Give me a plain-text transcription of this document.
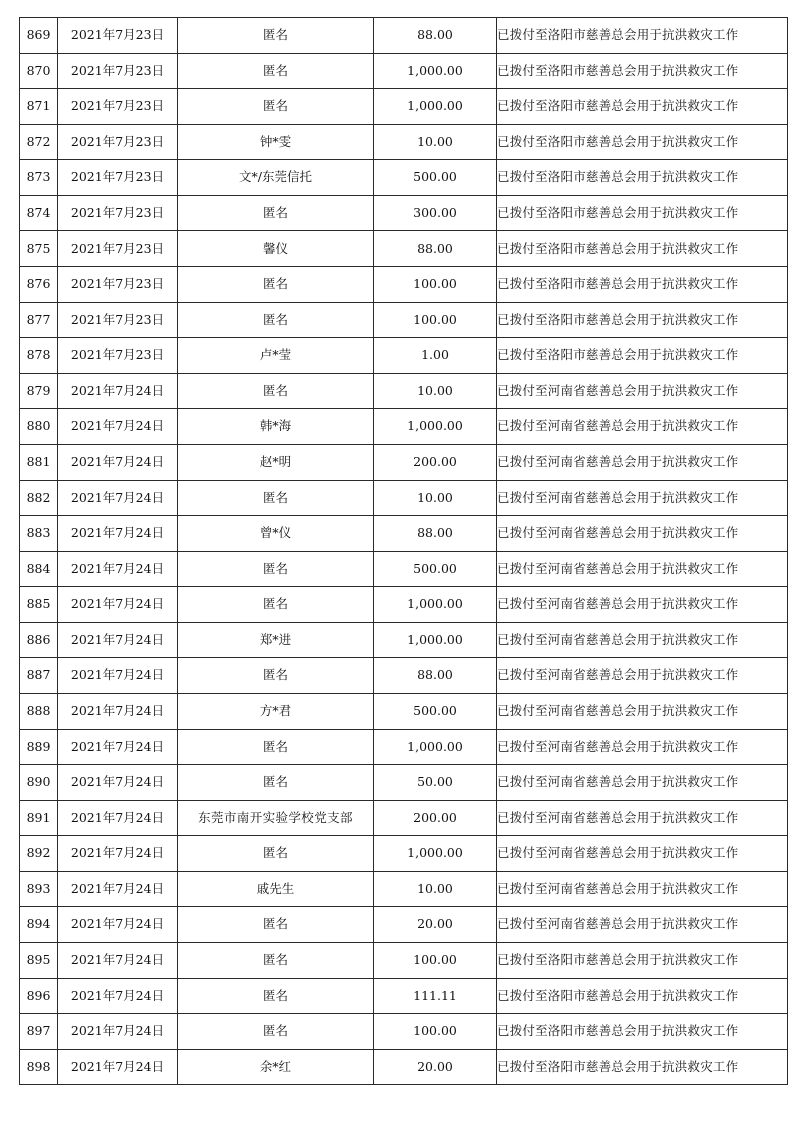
869	2021年7月23日	匿名	88.00	已拨付至洛阳市慈善总会用于抗洪救灾工作
870	2021年7月23日	匿名	1,000.00	已拨付至洛阳市慈善总会用于抗洪救灾工作
871	2021年7月23日	匿名	1,000.00	已拨付至洛阳市慈善总会用于抗洪救灾工作
872	2021年7月23日	钟*雯	10.00	已拨付至洛阳市慈善总会用于抗洪救灾工作
873	2021年7月23日	文*/东莞信托	500.00	已拨付至洛阳市慈善总会用于抗洪救灾工作
874	2021年7月23日	匿名	300.00	已拨付至洛阳市慈善总会用于抗洪救灾工作
875	2021年7月23日	馨仪	88.00	已拨付至洛阳市慈善总会用于抗洪救灾工作
876	2021年7月23日	匿名	100.00	已拨付至洛阳市慈善总会用于抗洪救灾工作
877	2021年7月23日	匿名	100.00	已拨付至洛阳市慈善总会用于抗洪救灾工作
878	2021年7月23日	卢*莹	1.00	已拨付至洛阳市慈善总会用于抗洪救灾工作
879	2021年7月24日	匿名	10.00	已拨付至河南省慈善总会用于抗洪救灾工作
880	2021年7月24日	韩*海	1,000.00	已拨付至河南省慈善总会用于抗洪救灾工作
881	2021年7月24日	赵*明	200.00	已拨付至河南省慈善总会用于抗洪救灾工作
882	2021年7月24日	匿名	10.00	已拨付至河南省慈善总会用于抗洪救灾工作
883	2021年7月24日	曾*仪	88.00	已拨付至河南省慈善总会用于抗洪救灾工作
884	2021年7月24日	匿名	500.00	已拨付至河南省慈善总会用于抗洪救灾工作
885	2021年7月24日	匿名	1,000.00	已拨付至河南省慈善总会用于抗洪救灾工作
886	2021年7月24日	郑*进	1,000.00	已拨付至河南省慈善总会用于抗洪救灾工作
887	2021年7月24日	匿名	88.00	已拨付至河南省慈善总会用于抗洪救灾工作
888	2021年7月24日	方*君	500.00	已拨付至河南省慈善总会用于抗洪救灾工作
889	2021年7月24日	匿名	1,000.00	已拨付至河南省慈善总会用于抗洪救灾工作
890	2021年7月24日	匿名	50.00	已拨付至河南省慈善总会用于抗洪救灾工作
891	2021年7月24日	东莞市南开实验学校党支部	200.00	已拨付至河南省慈善总会用于抗洪救灾工作
892	2021年7月24日	匿名	1,000.00	已拨付至河南省慈善总会用于抗洪救灾工作
893	2021年7月24日	戚先生	10.00	已拨付至河南省慈善总会用于抗洪救灾工作
894	2021年7月24日	匿名	20.00	已拨付至河南省慈善总会用于抗洪救灾工作
895	2021年7月24日	匿名	100.00	已拨付至洛阳市慈善总会用于抗洪救灾工作
896	2021年7月24日	匿名	111.11	已拨付至洛阳市慈善总会用于抗洪救灾工作
897	2021年7月24日	匿名	100.00	已拨付至洛阳市慈善总会用于抗洪救灾工作
898	2021年7月24日	余*红	20.00	已拨付至洛阳市慈善总会用于抗洪救灾工作
